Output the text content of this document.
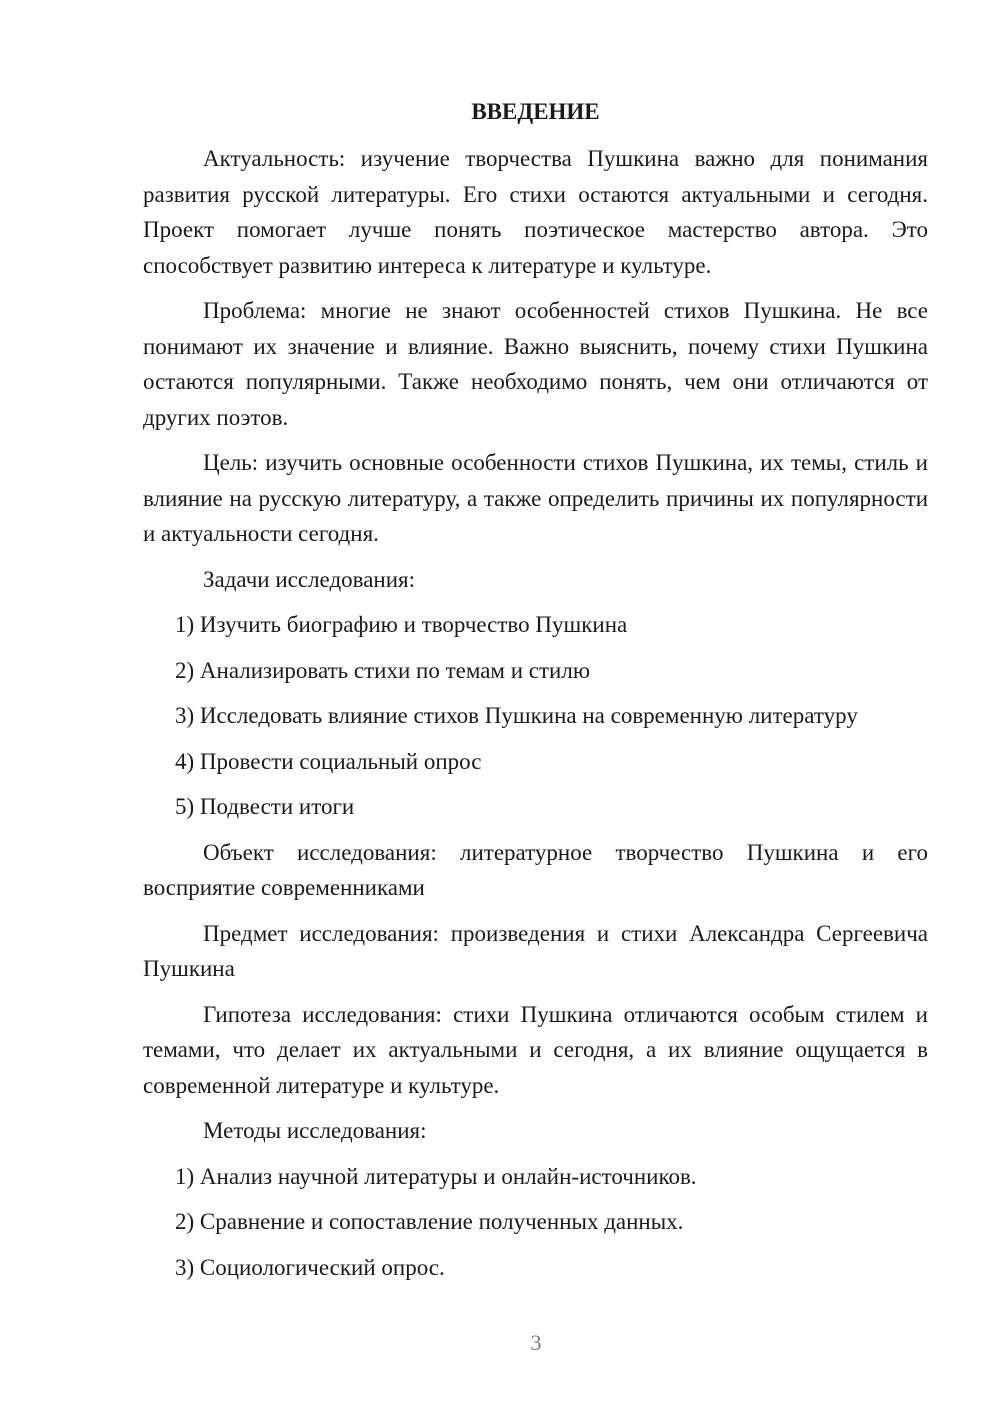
ВВЕДЕНИЕ

Актуальность: изучение творчества Пушкина важно для понимания развития русской литературы. Его стихи остаются актуальными и сегодня. Проект помогает лучше понять поэтическое мастерство автора. Это способствует развитию интереса к литературе и культуре.

Проблема: многие не знают особенностей стихов Пушкина. Не все понимают их значение и влияние. Важно выяснить, почему стихи Пушкина остаются популярными. Также необходимо понять, чем они отличаются от других поэтов.

Цель: изучить основные особенности стихов Пушкина, их темы, стиль и влияние на русскую литературу, а также определить причины их популярности и актуальности сегодня.

Задачи исследования:

1) Изучить биографию и творчество Пушкина
2) Анализировать стихи по темам и стилю
3) Исследовать влияние стихов Пушкина на современную литературу
4) Провести социальный опрос
5) Подвести итоги

Объект исследования: литературное творчество Пушкина и его восприятие современниками

Предмет исследования: произведения и стихи Александра Сергеевича Пушкина

Гипотеза исследования: стихи Пушкина отличаются особым стилем и темами, что делает их актуальными и сегодня, а их влияние ощущается в современной литературе и культуре.

Методы исследования:

1) Анализ научной литературы и онлайн-источников.
2) Сравнение и сопоставление полученных данных.
3) Социологический опрос.
3
